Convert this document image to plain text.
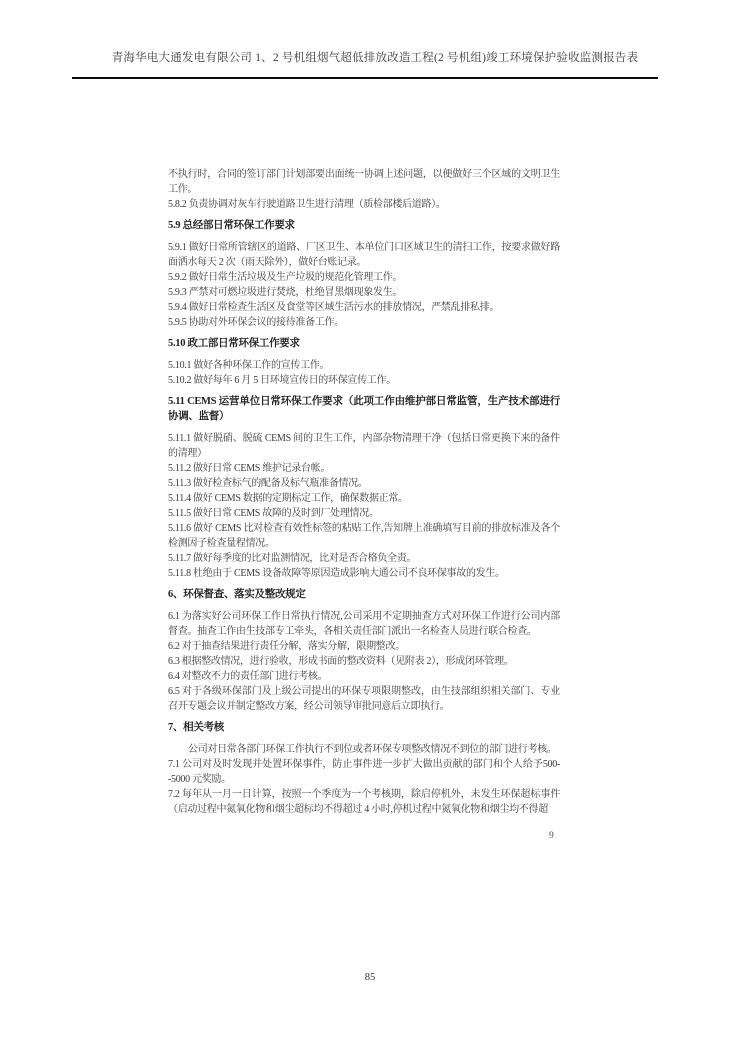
青海华电大通发电有限公司 1、2 号机组烟气超低排放改造工程(2 号机组)竣工环境保护验收监测报告表

不执行时，合同的签订部门计划部要出面统一协调上述问题，以便做好三个区域的文明卫生工作。

5.8.2 负责协调对灰车行驶道路卫生进行清理（质检部楼后道路）。

5.9 总经部日常环保工作要求

5.9.1 做好日常所管辖区的道路、厂区卫生、本单位门口区域卫生的清扫工作，按要求做好路面洒水每天 2 次（雨天除外），做好台账记录。

5.9.2 做好日常生活垃圾及生产垃圾的规范化管理工作。

5.9.3 严禁对可燃垃圾进行焚烧，杜绝冒黑烟现象发生。

5.9.4 做好日常检查生活区及食堂等区域生活污水的排放情况，严禁乱排私排。

5.9.5 协助对外环保会议的接待准备工作。

5.10 政工部日常环保工作要求

5.10.1 做好各种环保工作的宣传工作。

5.10.2 做好每年 6 月 5 日环境宣传日的环保宣传工作。

5.11 CEMS 运营单位日常环保工作要求（此项工作由维护部日常监管，生产技术部进行协调、监督）

5.11.1 做好脱硝、脱硫 CEMS 间的卫生工作，内部杂物清理干净（包括日常更换下来的备件的清理）

5.11.2 做好日常 CEMS 维护记录台帐。

5.11.3 做好检查标气的配备及标气瓶准备情况。

5.11.4 做好 CEMS 数据的定期标定工作，确保数据正常。

5.11.5 做好日常 CEMS 故障的及时到厂处理情况。

5.11.6 做好 CEMS 比对检查有效性标签的粘贴工作,告知牌上准确填写目前的排放标准及各个检测因子检查量程情况。

5.11.7 做好每季度的比对监测情况，比对是否合格负全责。

5.11.8 杜绝由于 CEMS 设备故障等原因造成影响大通公司不良环保事故的发生。

6、环保督查、落实及整改规定

6.1 为落实好公司环保工作日常执行情况,公司采用不定期抽查方式对环保工作进行公司内部督查。抽查工作由生技部专工牵头，各相关责任部门派出一名检查人员进行联合检查。

6.2 对于抽查结果进行责任分解，落实分解，限期整改。

6.3 根据整改情况，进行验收，形成书面的整改资料（见附表 2），形成闭环管理。

6.4 对整改不力的责任部门进行考核。

6.5 对于各级环保部门及上级公司提出的环保专项限期整改，由生技部组织相关部门、专业召开专题会议并制定整改方案，经公司领导审批同意后立即执行。

7、相关考核

公司对日常各部门环保工作执行不到位或者环保专项整改情况不到位的部门进行考核。

7.1 公司对及时发现并处置环保事件，防止事件进一步扩大做出贡献的部门和个人给予500--5000 元奖励。

7.2 每年从一月一日计算，按照一个季度为一个考核期，除启停机外，未发生环保超标事件（启动过程中氮氧化物和烟尘超标均不得超过 4 小时,停机过程中氮氧化物和烟尘均不得超

9
85
